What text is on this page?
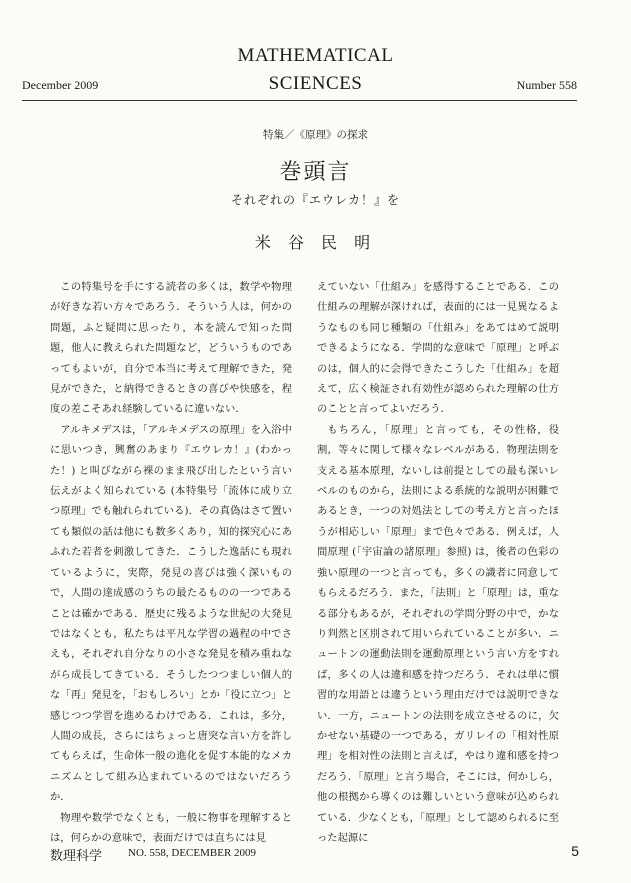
December 2009
MATHEMATICAL
SCIENCES	Number 558
特集／《原理》の探求
巻頭言
それぞれの『エウレカ！』を
米 谷 民 明

この特集号を手にする読者の多くは，数学や物理が好きな若い方々であろう．そういう人は，何かの問題，ふと疑問に思ったり，本を読んで知った問題，他人に教えられた問題など，どういうものであってもよいが，自分で本当に考えて理解できた，発見ができた，と納得できるときの喜びや快感を，程度の差こそあれ経験しているに違いない．

アルキメデスは，「アルキメデスの原理」を入浴中に思いつき，興奮のあまり『エウレカ！』(わかった！) と叫びながら裸のまま飛び出したという言い伝えがよく知られている (本特集号「流体に成り立つ原理」でも触れられている)．その真偽はさて置いても類似の話は他にも数多くあり，知的探究心にあふれた若者を刺激してきた．こうした逸話にも現れているように，実際，発見の喜びは強く深いもので，人間の達成感のうちの最たるものの一つであることは確かである．歴史に残るような世紀の大発見ではなくとも，私たちは平凡な学習の過程の中でさえも，それぞれ自分なりの小さな発見を積み重ねながら成長してきている．そうしたつつましい個人的な「再」発見を，「おもしろい」とか「役に立つ」と感じつつ学習を進めるわけである．これは，多分，人間の成長，さらにはちょっと唐突な言い方を許してもらえば，生命体一般の進化を促す本能的なメカニズムとして組み込まれているのではないだろうか．

物理や数学でなくとも，一般に物事を理解するとは，何らかの意味で，表面だけでは直ちには見

えていない「仕組み」を感得することである．この仕組みの理解が深ければ，表面的には一見異なるようなものも同じ種類の「仕組み」をあてはめて説明できるようになる．学問的な意味で「原理」と呼ぶのは，個人的に会得できたこうした「仕組み」を超えて，広く検証され有効性が認められた理解の仕方のことと言ってよいだろう．

もちろん，「原理」と言っても，その性格，役割，等々に関して様々なレベルがある．物理法則を支える基本原理，ないしは前提としての最も深いレベルのものから，法則による系統的な説明が困難であるとき，一つの対処法としての考え方と言ったほうが相応しい「原理」まで色々である．例えば，人間原理 (「宇宙論の諸原理」参照) は，後者の色彩の強い原理の一つと言っても，多くの識者に同意してもらえるだろう．また，「法則」と「原理」は，重なる部分もあるが，それぞれの学問分野の中で，かなり判然と区別されて用いられていることが多い．ニュートンの運動法則を運動原理という言い方をすれば，多くの人は違和感を持つだろう．それは単に慣習的な用語とは違うという理由だけでは説明できない．一方，ニュートンの法則を成立させるのに，欠かせない基礎の一つである，ガリレイの「相対性原理」を相対性の法則と言えば，やはり違和感を持つだろう．「原理」と言う場合，そこには，何かしら，他の根拠から導くのは難しいという意味が込められている．少なくとも，「原理」として認められるに至った起源に

数理科学 NO. 558, DECEMBER 2009	5
